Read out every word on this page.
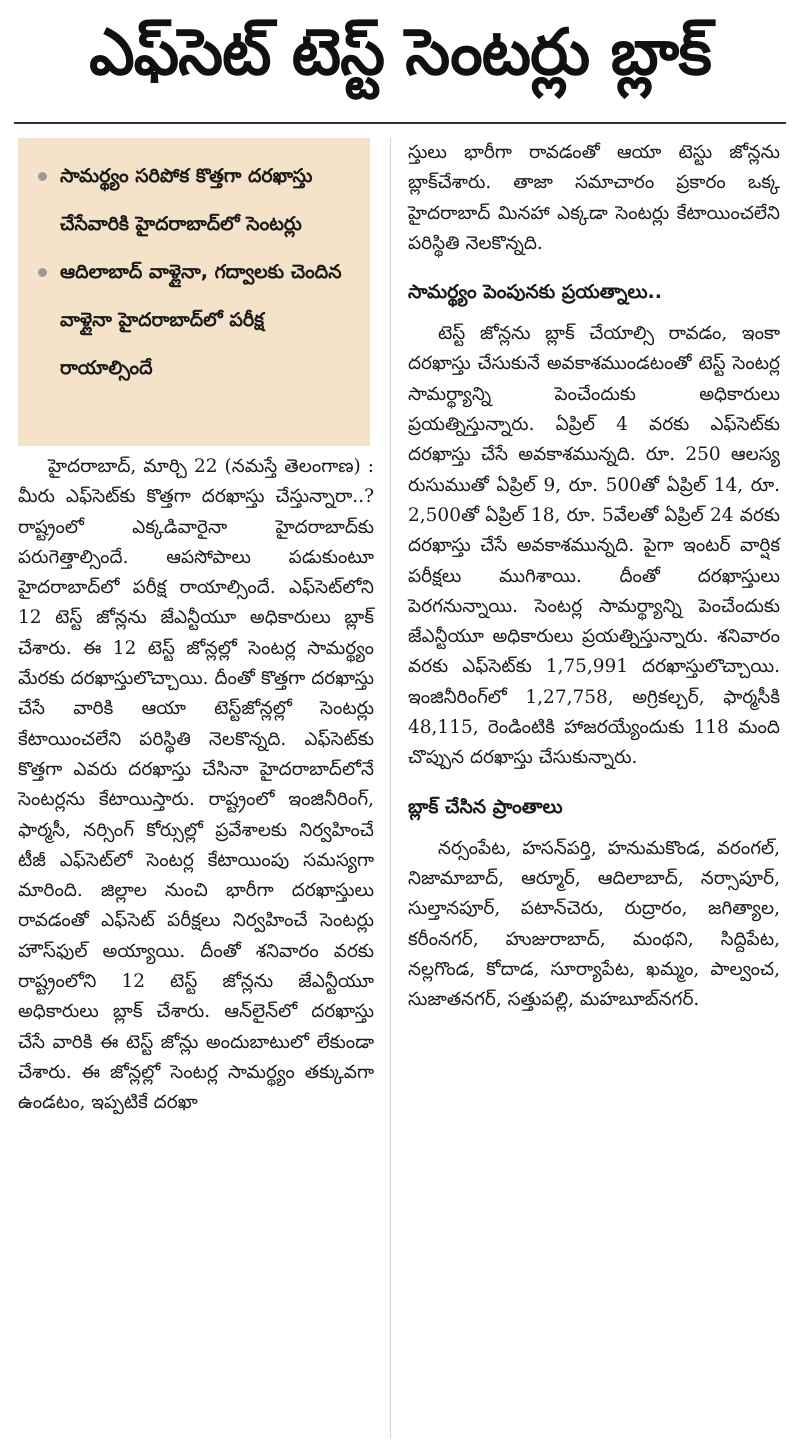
ఎఫ్‌సెట్ టెస్ట్ సెంటర్లు బ్లాక్
సామర్థ్యం సరిపోక కొత్తగా దరఖాస్తు చేసేవారికి హైదరాబాద్‌లో సెంటర్లు
ఆదిలాబాద్ వాళ్లైనా, గద్వాలకు చెందిన వాళ్లైనా హైదరాబాద్‌లో పరీక్ష రాయాల్సిందే

హైదరాబాద్, మార్చి 22 (నమస్తే తెలంగాణ) : మీరు ఎఫ్‌సెట్‌కు కొత్తగా దరఖాస్తు చేస్తున్నారా..? రాష్ట్రంలో ఎక్కడివారైనా హైదరాబాద్‌కు పరుగెత్తాల్సిందే. ఆపసోపాలు పడుకుంటూ హైదరాబాద్‌లో పరీక్ష రాయాల్సిందే. ఎఫ్‌సెట్‌లోని 12 టెస్ట్ జోన్లను జేఎన్టీయూ అధికారులు బ్లాక్ చేశారు. ఈ 12 టెస్ట్ జోన్లల్లో సెంటర్ల సామర్థ్యం మేరకు దరఖాస్తులొచ్చాయి. దీంతో కొత్తగా దరఖాస్తు చేసే వారికి ఆయా టెస్ట్‌జోన్లల్లో సెంటర్లు కేటాయించలేని పరిస్థితి నెలకొన్నది. ఎఫ్‌సెట్‌కు కొత్తగా ఎవరు దరఖాస్తు చేసినా హైదరాబాద్‌లోనే సెంటర్లను కేటాయిస్తారు. రాష్ట్రంలో ఇంజినీరింగ్, ఫార్మసీ, నర్సింగ్ కోర్సుల్లో ప్రవేశాలకు నిర్వహించే టీజీ ఎఫ్‌సెట్‌లో సెంటర్ల కేటాయింపు సమస్యగా మారింది. జిల్లాల నుంచి భారీగా దరఖాస్తులు రావడంతో ఎఫ్‌సెట్ పరీక్షలు నిర్వహించే సెంటర్లు హౌస్‌ఫుల్ అయ్యాయి. దీంతో శనివారం వరకు రాష్ట్రంలోని 12 టెస్ట్ జోన్లను జేఎన్టీయూ అధికారులు బ్లాక్ చేశారు. ఆన్‌లైన్‌లో దరఖాస్తు చేసే వారికి ఈ టెస్ట్ జోన్లు అందుబాటులో లేకుండా చేశారు. ఈ జోన్లల్లో సెంటర్ల సామర్థ్యం తక్కువగా ఉండటం, ఇప్పటికే దరఖా

స్తులు భారీగా రావడంతో ఆయా టెస్టు జోన్లను బ్లాక్‌చేశారు. తాజా సమాచారం ప్రకారం ఒక్క హైదరాబాద్ మినహా ఎక్కడా సెంటర్లు కేటాయించలేని పరిస్థితి నెలకొన్నది.

సామర్థ్యం పెంపునకు ప్రయత్నాలు..

టెస్ట్ జోన్లను బ్లాక్ చేయాల్సి రావడం, ఇంకా దరఖాస్తు చేసుకునే అవకాశముండటంతో టెస్ట్ సెంటర్ల సామర్థ్యాన్ని పెంచేందుకు అధికారులు ప్రయత్నిస్తున్నారు. ఏప్రిల్ 4 వరకు ఎఫ్‌సెట్‌కు దరఖాస్తు చేసే అవకాశమున్నది. రూ. 250 ఆలస్య రుసుముతో ఏప్రిల్ 9, రూ. 500తో ఏప్రిల్ 14, రూ. 2,500తో ఏప్రిల్ 18, రూ. 5వేలతో ఏప్రిల్ 24 వరకు దరఖాస్తు చేసే అవకాశమున్నది. పైగా ఇంటర్ వార్షిక పరీక్షలు ముగిశాయి. దీంతో దరఖాస్తులు పెరగనున్నాయి. సెంటర్ల సామర్థ్యాన్ని పెంచేందుకు జేఎన్టీయూ అధికారులు ప్రయత్నిస్తున్నారు. శనివారం వరకు ఎఫ్‌సెట్‌కు 1,75,991 దరఖాస్తులొచ్చాయి. ఇంజినీరింగ్‌లో 1,27,758, అగ్రికల్చర్, ఫార్మసీకి 48,115, రెండింటికి హాజరయ్యేందుకు 118 మంది చొప్పున దరఖాస్తు చేసుకున్నారు.

బ్లాక్ చేసిన ప్రాంతాలు

నర్సంపేట, హసన్‌పర్తి, హనుమకొండ, వరంగల్, నిజామాబాద్, ఆర్మూర్, ఆదిలాబాద్, నర్సాపూర్, సుల్తానపూర్, పటాన్‌చెరు, రుద్రారం, జగిత్యాల, కరీంనగర్, హుజురాబాద్, మంథని, సిద్దిపేట, నల్లగొండ, కోదాడ, సూర్యాపేట, ఖమ్మం, పాల్వంచ, సుజాతనగర్, సత్తుపల్లి, మహబూబ్‌నగర్.
